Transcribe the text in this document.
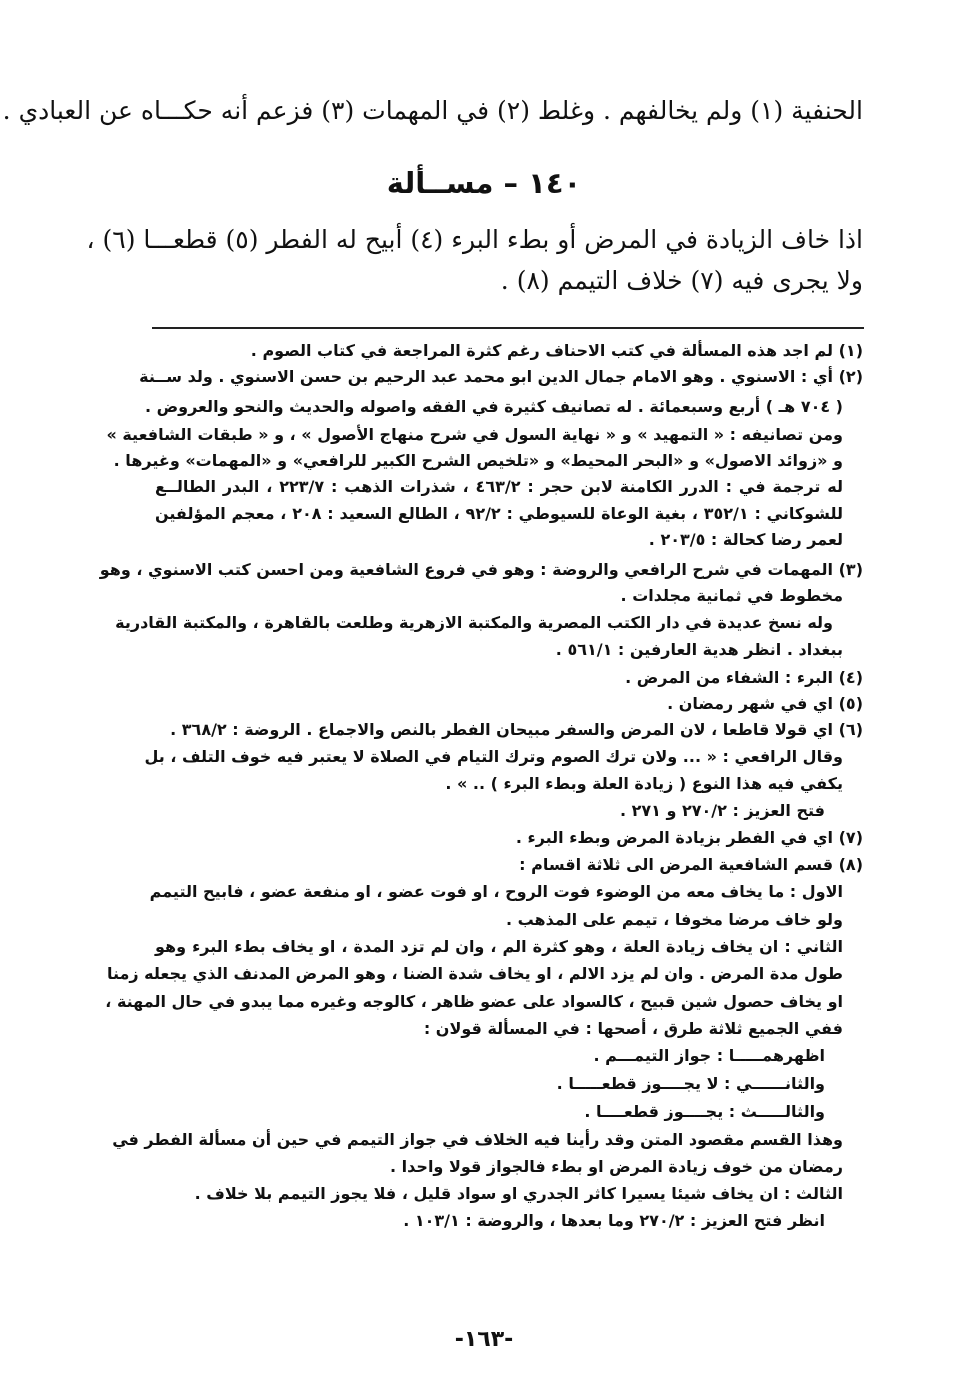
الحنفية (١) ولم يخالفهم . وغلط (٢) في المهمات (٣) فزعم أنه حكـــاه عن العبادي .

١٤٠ – مســألة

اذا خاف الزيادة في المرض أو بطء البرء (٤) أبيح له الفطر (٥) قطعـــا (٦) ،

ولا يجرى فيه (٧) خلاف التيمم (٨) .

(١) لم اجد هذه المسألة في كتب الاحناف رغم كثرة المراجعة في كتاب الصوم .

(٢) أي : الاسنوي . وهو الامام جمال الدين ابو محمد عبد الرحيم بن حسن الاسنوي . ولد ســنة

( ٧٠٤ هـ ) أربع وسبعمائة . له تصانيف كثيرة في الفقه واصوله والحديث والنحو والعروض .

ومن تصانيفه : « التمهيد » و « نهاية السول في شرح منهاج الأصول » ، و « طبقات الشافعية »

و «زوائد الاصول» و «البحر المحيط» و «تلخيص الشرح الكبير للرافعي» و «المهمات» وغيرها .

له ترجمة في : الدرر الكامنة لابن حجر : ٤٦٣/٢ ، شذرات الذهب : ٢٢٣/٧ ، البدر الطالــع

للشوكاني : ٣٥٢/١ ، بغية الوعاة للسيوطي : ٩٢/٢ ، الطالع السعيد : ٢٠٨ ، معجم المؤلفين

لعمر رضا كحالة : ٢٠٣/٥ .

(٣) المهمات في شرح الرافعي والروضة : وهو في فروع الشافعية ومن احسن كتب الاسنوي ، وهو

مخطوط في ثمانية مجلدات .

وله نسخ عديدة في دار الكتب المصرية والمكتبة الازهرية وطلعت بالقاهرة ، والمكتبة القادرية

ببغداد . انظر هدية العارفين : ٥٦١/١ .

(٤) البرء : الشفاء من المرض .

(٥) اي في شهر رمضان .

(٦) اي قولا قاطعا ، لان المرض والسفر مبيحان الفطر بالنص والاجماع . الروضة : ٣٦٨/٢ .

وقال الرافعي : « ... ولان ترك الصوم وترك التيام في الصلاة لا يعتبر فيه خوف التلف ، بل

يكفي فيه هذا النوع ( زيادة العلة وبطء البرء ) .. » .

فتح العزيز : ٢٧٠/٢ و ٢٧١ .

(٧) اي في الفطر بزيادة المرض وبطء البرء .

(٨) قسم الشافعية المرض الى ثلاثة اقسام :

الاول : ما يخاف معه من الوضوء فوت الروح ، او فوت عضو ، او منفعة عضو ، فابيح التيمم

ولو خاف مرضا مخوفا ، تيمم على المذهب .

الثاني : ان يخاف زيادة العلة ، وهو كثرة الم ، وان لم تزد المدة ، او يخاف بطء البرء وهو

طول مدة المرض . وان لم يزد الالم ، او يخاف شدة الضنا ، وهو المرض المدنف الذي يجعله زمنا

او يخاف حصول شين قبيح ، كالسواد على عضو ظاهر ، كالوجه وغيره مما يبدو في حال المهنة ،

ففي الجميع ثلاثة طرق ، أصحها : في المسألة قولان :

اظهرهمـــــا : جواز التيمـــم .

والثانــــــي : لا يجــــوز قطعـــــا .

والثالـــــث : يجــــوز قطعــــا .

وهذا القسم مقصود المتن وقد رأينا فيه الخلاف في جواز التيمم في حين أن مسألة الفطر في

رمضان من خوف زيادة المرض او بطء فالجواز قولا واحدا .

الثالث : ان يخاف شيئا يسيرا كاثر الجدري او سواد قليل ، فلا يجوز التيمم بلا خلاف .

انظر فتح العزيز : ٢٧٠/٢ وما بعدها ، والروضة : ١٠٣/١ .

-١٦٣-
